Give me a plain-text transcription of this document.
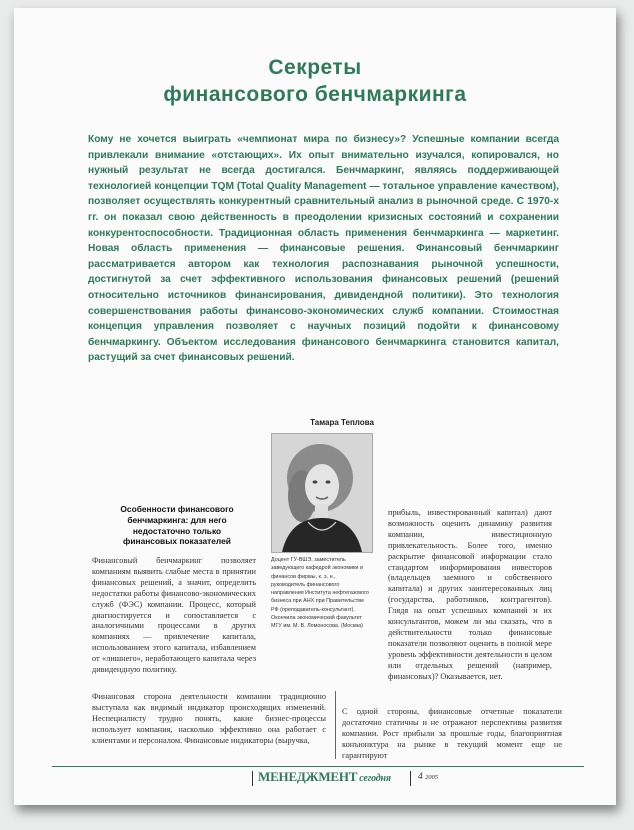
Секреты
финансового бенчмаркинга

Кому не хочется выиграть «чемпионат мира по бизнесу»? Успешные компании всегда привлекали внимание «отстающих». Их опыт внимательно изучался, копировался, но нужный результат не всегда достигался. Бенчмаркинг, являясь поддерживающей технологией концепции TQM (Total Quality Management — тотальное управление качеством), позволяет осуществлять конкурентный сравнительный анализ в рыночной среде. С 1970-х гг. он показал свою действенность в преодолении кризисных состояний и сохранении конкурентоспособности. Традиционная область применения бенчмаркинга — маркетинг. Новая область применения — финансовые решения. Финансовый бенчмаркинг рассматривается автором как технология распознавания рыночной успешности, достигнутой за счет эффективного использования финансовых решений (решений относительно источников финансирования, дивидендной политики). Это технология совершенствования работы финансово-экономических служб компании. Стоимостная концепция управления позволяет с научных позиций подойти к финансовому бенчмаркингу. Объектом исследования финансового бенчмаркинга становится капитал, растущий за счет финансовых решений.

Тамара Теплова

Доцент ГУ-ВШЭ, заместитель заведующего кафедрой экономики и финансов фирмы, к. э. н., руководитель финансового направления Института нефтегазового бизнеса при АНХ при Правительстве РФ (преподаватель-консультант). Окончила экономический факультет МГУ им. М. В. Ломоносова. (Москва)

Особенности финансового бенчмаркинга: для него недостаточно только финансовых показателей

Финансовый бенчмаркинг позволяет компаниям выявить слабые места в принятии финансовых решений, а значит, определить недостатки работы финансово-экономических служб (ФЭС) компании. Процесс, который диагностируется и сопоставляется с аналогичными процессами в других компаниях — привлечение капитала, использованием этого капитала, избавлением от «лишнего», неработающего капитала через дивидендную политику.

Финансовая сторона деятельности компании традиционно выступала как видимый индикатор происходящих изменений. Неспециалисту трудно понять, какие бизнес-процессы использует компания, насколько эффективно она работает с клиентами и персоналом. Финансовые индикаторы (выручка,

прибыль, инвестированный капитал) дают возможность оценить динамику развития компании, инвестиционную привлекательность. Более того, именно раскрытие финансовой информации стало стандартом информирования инвесторов (владельцев заемного и собственного капитала) и других заинтересованных лиц (государства, работников, контрагентов). Глядя на опыт успешных компаний и их консультантов, можем ли мы сказать, что в действительности только финансовые показатели позволяют оценить в полной мере уровень эффективности деятельности в целом или отдельных решений (например, финансовых)? Оказывается, нет.

С одной стороны, финансовые отчетные показатели достаточно статичны и не отражают перспективы развития компании. Рост прибыли за прошлые годы, благоприятная конъюнктура на рынке в текущий момент еще не гарантируют

МЕНЕДЖМЕНТ сегодня	4 2005
